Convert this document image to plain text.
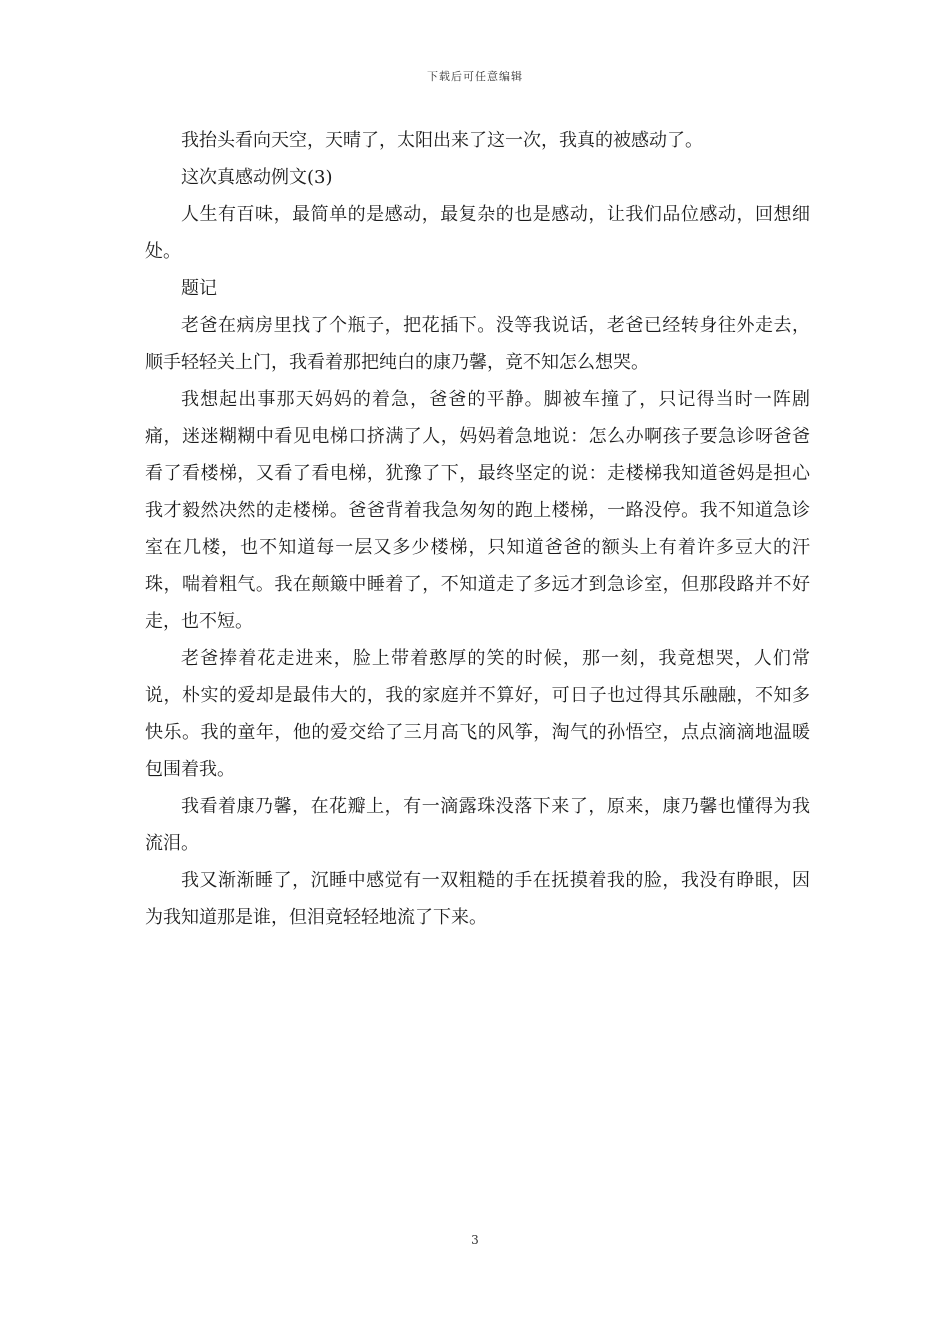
下载后可任意编辑

我抬头看向天空，天晴了，太阳出来了这一次，我真的被感动了。

这次真感动例文(3)

人生有百味，最简单的是感动，最复杂的也是感动，让我们品位感动，回想细处。

题记

老爸在病房里找了个瓶子，把花插下。没等我说话，老爸已经转身往外走去，顺手轻轻关上门，我看着那把纯白的康乃馨，竟不知怎么想哭。

我想起出事那天妈妈的着急，爸爸的平静。脚被车撞了，只记得当时一阵剧痛，迷迷糊糊中看见电梯口挤满了人，妈妈着急地说：怎么办啊孩子要急诊呀爸爸看了看楼梯，又看了看电梯，犹豫了下，最终坚定的说：走楼梯我知道爸妈是担心我才毅然决然的走楼梯。爸爸背着我急匆匆的跑上楼梯，一路没停。我不知道急诊室在几楼，也不知道每一层又多少楼梯，只知道爸爸的额头上有着许多豆大的汗珠，喘着粗气。我在颠簸中睡着了，不知道走了多远才到急诊室，但那段路并不好走，也不短。

老爸捧着花走进来，脸上带着憨厚的笑的时候，那一刻，我竟想哭，人们常说，朴实的爱却是最伟大的，我的家庭并不算好，可日子也过得其乐融融，不知多快乐。我的童年，他的爱交给了三月高飞的风筝，淘气的孙悟空，点点滴滴地温暖包围着我。

我看着康乃馨，在花瓣上，有一滴露珠没落下来了，原来，康乃馨也懂得为我流泪。

我又渐渐睡了，沉睡中感觉有一双粗糙的手在抚摸着我的脸，我没有睁眼，因为我知道那是谁，但泪竟轻轻地流了下来。

3
